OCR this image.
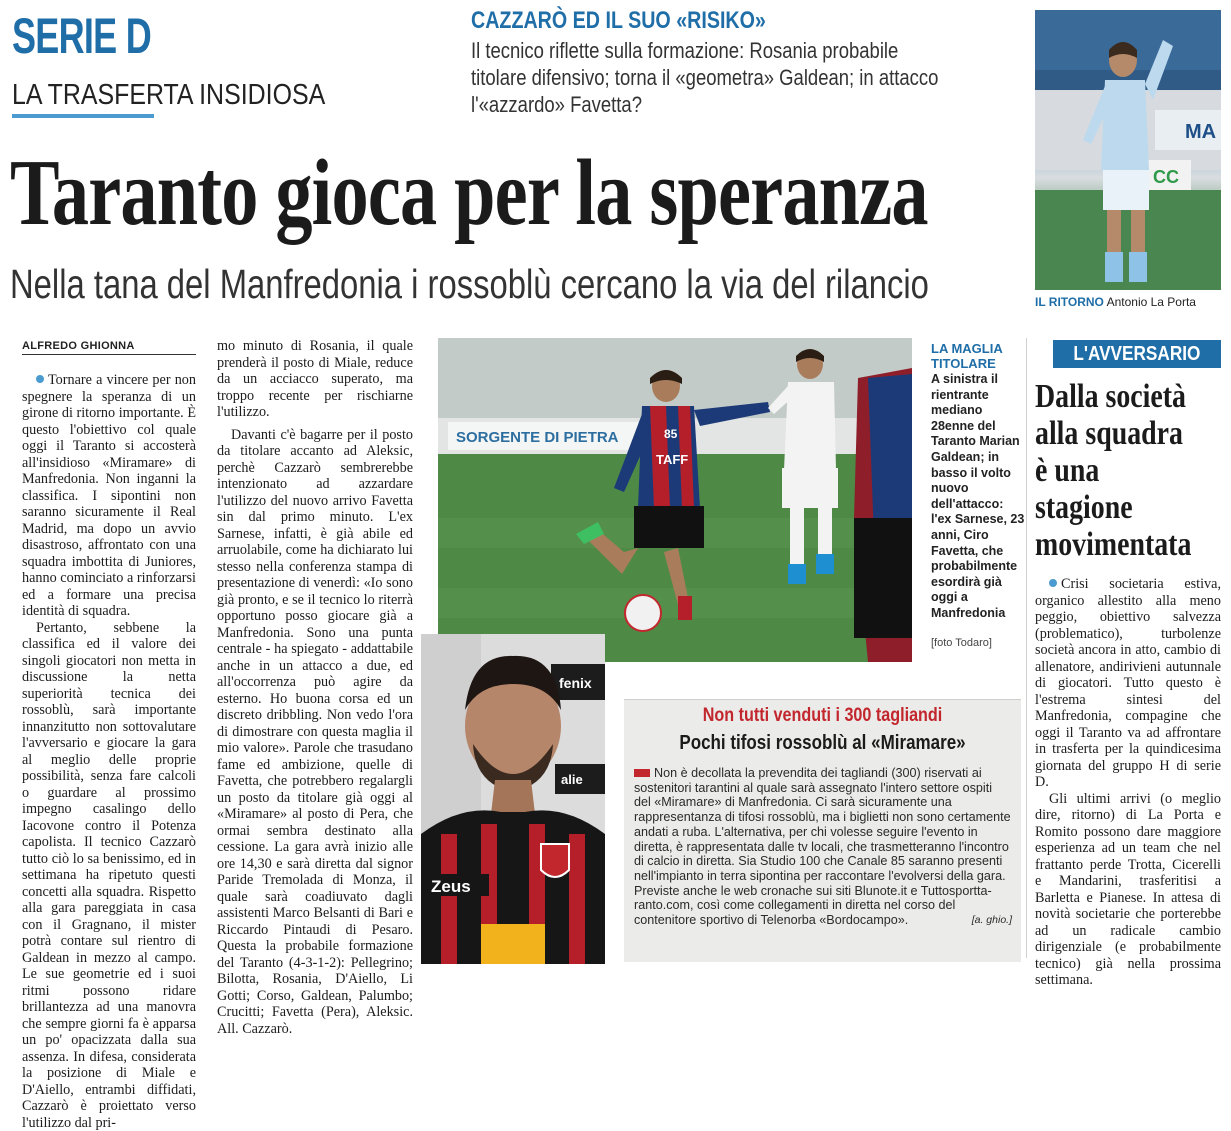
SERIE D
LA TRASFERTA INSIDIOSA
CAZZARÒ ED IL SUO «RISIKO»
Il tecnico riflette sulla formazione: Rosania probabile titolare difensivo; torna il «geometra» Galdean; in attacco l'«azzardo» Favetta?
Taranto gioca per la speranza
Nella tana del Manfredonia i rossoblù cercano la via del rilancio
MA
CC
IL RITORNO Antonio La Porta
ALFREDO GHIONNA

Tornare a vincere per non spegnere la speranza di un girone di ritorno importante. È questo l'obiettivo col quale oggi il Taranto si accosterà all'insidioso «Miramare» di Manfredonia. Non inganni la classifica. I sipontini non saranno sicuramente il Real Madrid, ma dopo un avvio disastroso, affrontato con una squadra imbottita di Juniores, hanno cominciato a rinforzarsi ed a formare una precisa identità di squadra.

Pertanto, sebbene la classifica ed il valore dei singoli giocatori non metta in discussione la netta superiorità tecnica dei rossoblù, sarà importante innanzitutto non sottovalutare l'avversario e giocare la gara al meglio delle proprie possibilità, senza fare calcoli o guardare al prossimo impegno casalingo dello Iacovone contro il Potenza capolista. Il tecnico Cazzarò tutto ciò lo sa benissimo, ed in settimana ha ripetuto questi concetti alla squadra. Rispetto alla gara pareggiata in casa con il Gragnano, il mister potrà contare sul rientro di Galdean in mezzo al campo. Le sue geometrie ed i suoi ritmi possono ridare brillantezza ad una manovra che sempre giorni fa è apparsa un po' opacizzata dalla sua assenza. In difesa, considerata la posizione di Miale e D'Aiello, entrambi diffidati, Cazzarò è proiettato verso l'utilizzo dal pri-

mo minuto di Rosania, il quale prenderà il posto di Miale, reduce da un acciacco superato, ma troppo recente per rischiarne l'utilizzo.

Davanti c'è bagarre per il posto da titolare accanto ad Aleksic, perchè Cazzarò sembrerebbe intenzionato ad azzardare l'utilizzo del nuovo arrivo Favetta sin dal primo minuto. L'ex Sarnese, infatti, è già abile ed arruolabile, come ha dichiarato lui stesso nella conferenza stampa di presentazione di venerdì: «Io sono già pronto, e se il tecnico lo riterrà opportuno posso giocare già a Manfredonia. Sono una punta centrale - ha spiegato - addattabile anche in un attacco a due, ed all'occorrenza può agire da esterno. Ho buona corsa ed un discreto dribbling. Non vedo l'ora di dimostrare con questa maglia il mio valore». Parole che trasudano fame ed ambizione, quelle di Favetta, che potrebbero regalargli un posto da titolare già oggi al «Miramare» al posto di Pera, che ormai sembra destinato alla cessione. La gara avrà inizio alle ore 14,30 e sarà diretta dal signor Paride Tremolada di Monza, il quale sarà coadiuvato dagli assistenti Marco Belsanti di Bari e Riccardo Pintaudi di Pesaro. Questa la probabile formazione del Taranto (4-3-1-2): Pellegrino; Bilotta, Rosania, D'Aiello, Li Gotti; Corso, Galdean, Palumbo; Crucitti; Favetta (Pera), Aleksic. All. Cazzarò.

SORGENTE DI PIETRA	85
TAFF
LA MAGLIA TITOLARE
A sinistra il rientrante mediano 28enne del Taranto Marian Galdean; in basso il volto nuovo dell'attacco: l'ex Sarnese, 23 anni, Ciro Favetta, che probabilmente esordirà già oggi a Manfredonia
[foto Todaro]
fenix
alie
Zeus
Non tutti venduti i 300 tagliandi
Pochi tifosi rossoblù al «Miramare»
Non è decollata la prevendita dei tagliandi (300) riservati ai sostenitori tarantini al quale sarà assegnato l'intero settore ospiti del «Miramare» di Manfredonia. Ci sarà sicuramente una rappresentanza di tifosi rossoblù, ma i biglietti non sono certamente andati a ruba. L'alternativa, per chi volesse seguire l'evento in diretta, è rappresentata dalle tv locali, che trasmetteranno l'incontro di calcio in diretta. Sia Studio 100 che Canale 85 saranno presenti nell'impianto in terra sipontina per raccontare l'evolversi della gara. Previste anche le web cronache sui siti Blunote.it e Tuttosporttaranto.com, così come collegamenti in diretta nel corso del contenitore sportivo di Telenorba «Bordocampo».	[a. ghio.]
L'AVVERSARIO
Dalla società alla squadra è una stagione movimentata

Crisi societaria estiva, organico allestito alla meno peggio, obiettivo salvezza (problematico), turbolenze società ancora in atto, cambio di allenatore, andirivieni autunnale di giocatori. Tutto questo è l'estrema sintesi del Manfredonia, compagine che oggi il Taranto va ad affrontare in trasferta per la quindicesima giornata del gruppo H di serie D.

Gli ultimi arrivi (o meglio dire, ritorno) di La Porta e Romito possono dare maggiore esperienza ad un team che nel frattanto perde Trotta, Cicerelli e Mandarini, trasferitisi a Barletta e Pianese. In attesa di novità societarie che porterebbe ad un radicale cambio dirigenziale (e probabilmente tecnico) già nella prossima settimana.
